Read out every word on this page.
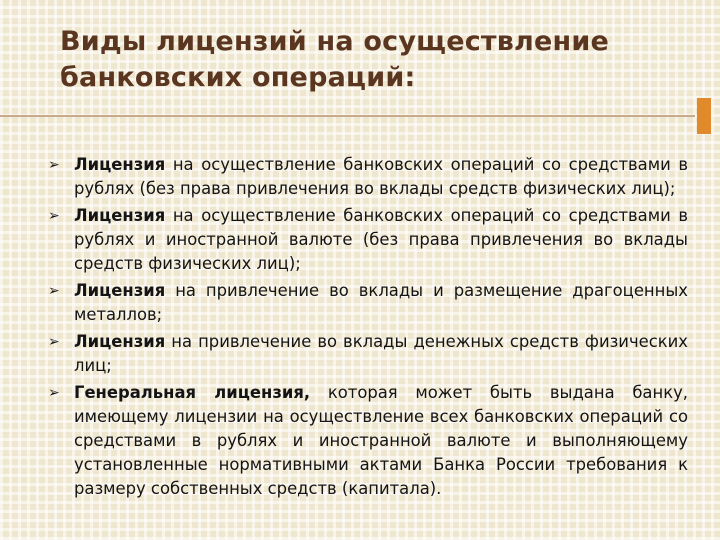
Виды лицензий на осуществление
банковских операций:
➢ Лицензия на осуществление банковских операций со средствами в рублях (без права привлечения во вклады средств физических лиц);
➢ Лицензия на осуществление банковских операций со средствами в рублях и иностранной валюте (без права привлечения во вклады средств физических лиц);
➢ Лицензия на привлечение во вклады и размещение драгоценных металлов;
➢ Лицензия на привлечение во вклады денежных средств физических лиц;
➢ Генеральная лицензия, которая может быть выдана банку, имеющему лицензии на осуществление всех банковских операций со средствами в рублях и иностранной валюте и выполняющему установленные нормативными актами Банка России требования к размеру собственных средств (капитала).
